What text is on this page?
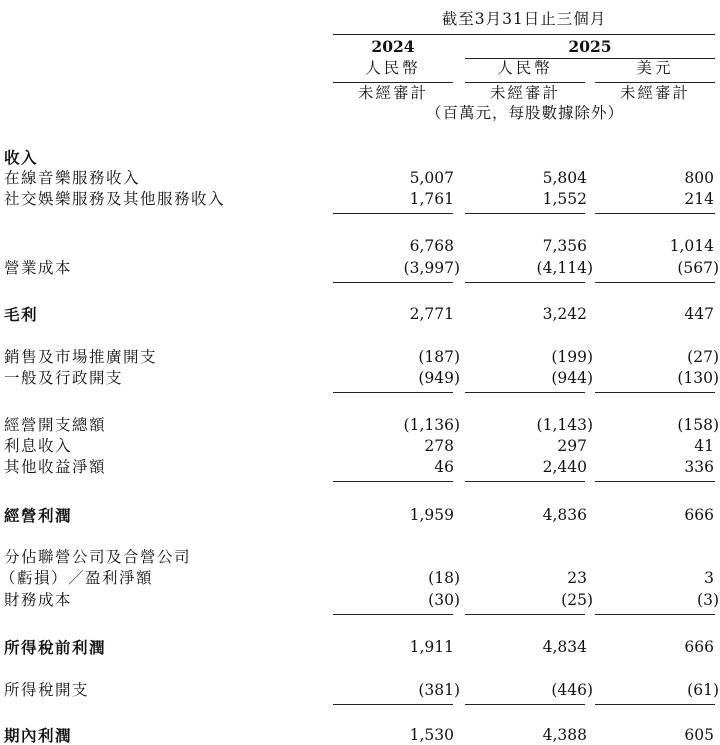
截至3月31日止三個月
2024	2025
人民幣	人民幣	美元
未經審計	未經審計	未經審計
（百萬元，每股數據除外）
收入
在線音樂服務收入	5,007	5,804	800
社交娛樂服務及其他服務收入	1,761	1,552	214
6,768	7,356	1,014
營業成本	(3,997)	(4,114)	(567)
毛利	2,771	3,242	447
銷售及市場推廣開支	(187)	(199)	(27)
一般及行政開支	(949)	(944)	(130)
經營開支總額	(1,136)	(1,143)	(158)
利息收入	278	297	41
其他收益淨額	46	2,440	336
經營利潤	1,959	4,836	666
分佔聯營公司及合營公司
（虧損）／盈利淨額	(18)	23	3
財務成本	(30)	(25)	(3)
所得稅前利潤	1,911	4,834	666
所得稅開支	(381)	(446)	(61)
期內利潤	1,530	4,388	605
